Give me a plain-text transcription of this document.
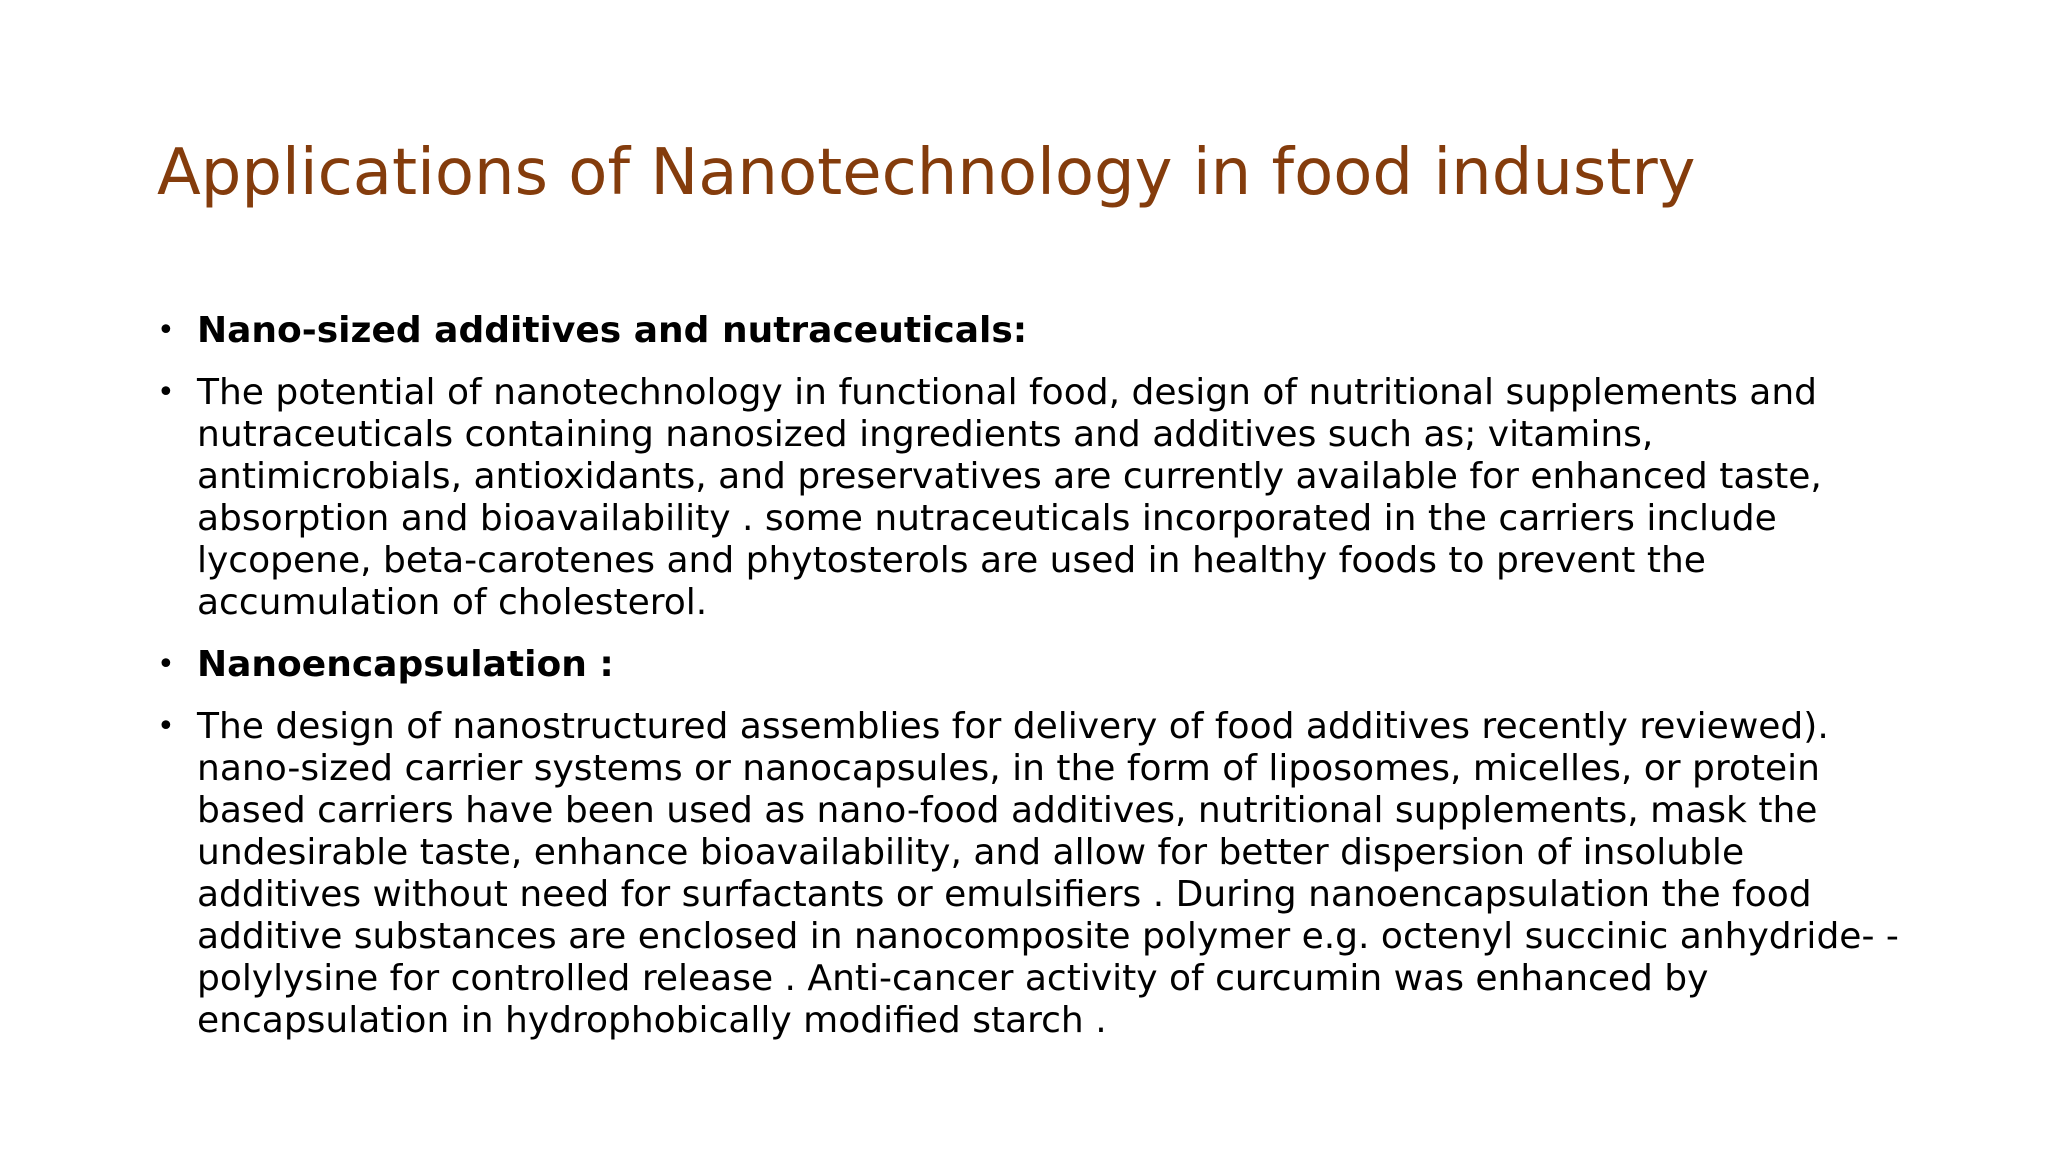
Applications of Nanotechnology in food industry
• Nano-sized additives and nutraceuticals:
• The potential of nanotechnology in functional food, design of nutritional supplements and nutraceuticals containing nanosized ingredients and additives such as; vitamins, antimicrobials, antioxidants, and preservatives are currently available for enhanced taste, absorption and bioavailability . some nutraceuticals incorporated in the carriers include lycopene, beta-carotenes and phytosterols are used in healthy foods to prevent the accumulation of cholesterol.
• Nanoencapsulation :
• The design of nanostructured assemblies for delivery of food additives recently reviewed). nano-sized carrier systems or nanocapsules, in the form of liposomes, micelles, or protein based carriers have been used as nano-food additives, nutritional supplements, mask the undesirable taste, enhance bioavailability, and allow for better dispersion of insoluble additives without need for surfactants or emulsifiers . During nanoencapsulation the food additive substances are enclosed in nanocomposite polymer e.g. octenyl succinic anhydride- -polylysine for controlled release . Anti-cancer activity of curcumin was enhanced by encapsulation in hydrophobically modified starch .
